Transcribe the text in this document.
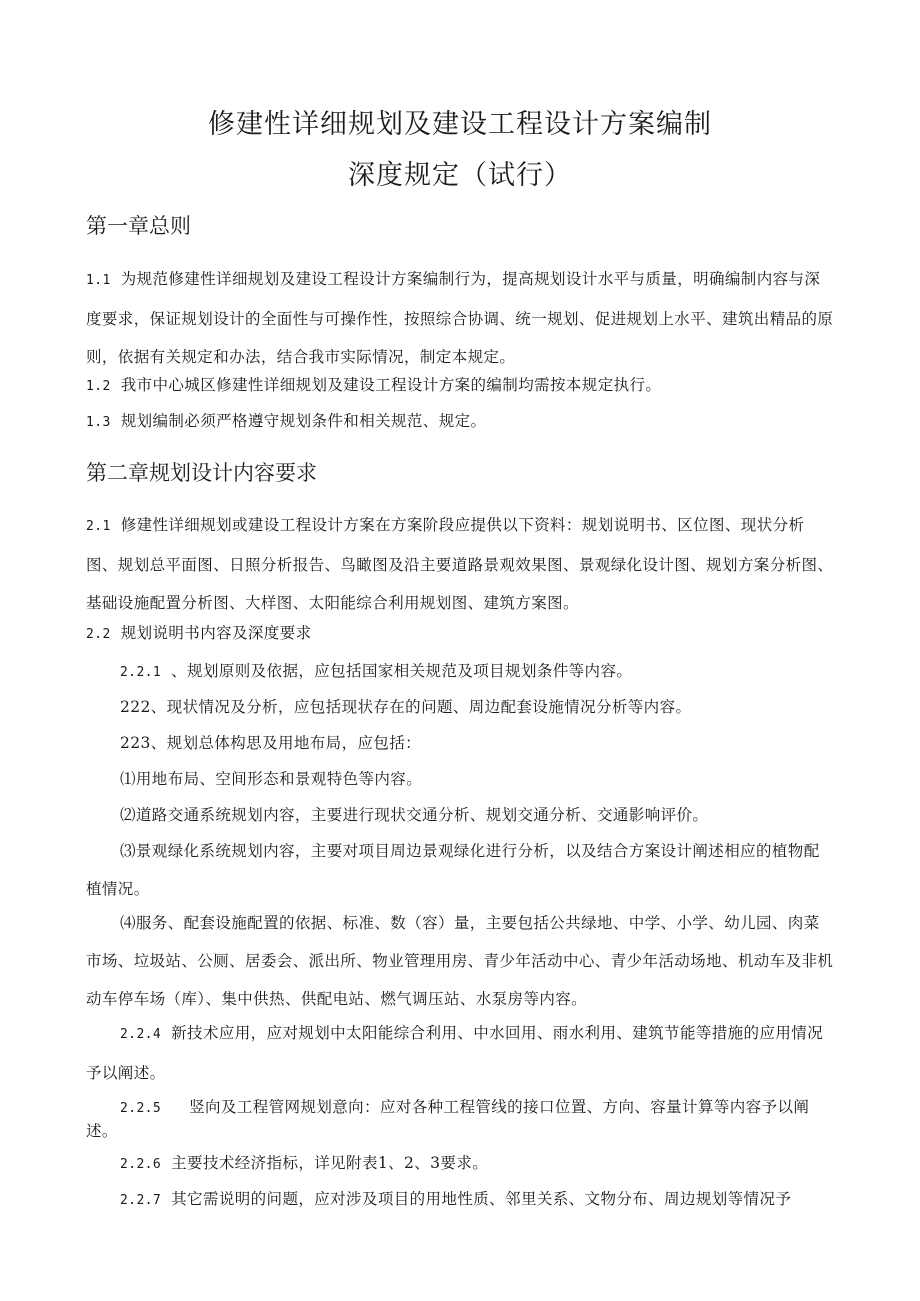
修建性详细规划及建设工程设计方案编制
深度规定（试行）
第一章总则

1.1 为规范修建性详细规划及建设工程设计方案编制行为，提高规划设计水平与质量，明确编制内容与深度要求，保证规划设计的全面性与可操作性，按照综合协调、统一规划、促进规划上水平、建筑出精品的原则，依据有关规定和办法，结合我市实际情况，制定本规定。

1.2 我市中心城区修建性详细规划及建设工程设计方案的编制均需按本规定执行。

1.3 规划编制必须严格遵守规划条件和相关规范、规定。

第二章规划设计内容要求

2.1 修建性详细规划或建设工程设计方案在方案阶段应提供以下资料：规划说明书、区位图、现状分析图、规划总平面图、日照分析报告、鸟瞰图及沿主要道路景观效果图、景观绿化设计图、规划方案分析图、基础设施配置分析图、大样图、太阳能综合利用规划图、建筑方案图。

2.2 规划说明书内容及深度要求

2.2.1 、规划原则及依据，应包括国家相关规范及项目规划条件等内容。

222、现状情况及分析，应包括现状存在的问题、周边配套设施情况分析等内容。

223、规划总体构思及用地布局，应包括：

⑴用地布局、空间形态和景观特色等内容。

⑵道路交通系统规划内容，主要进行现状交通分析、规划交通分析、交通影响评价。

⑶景观绿化系统规划内容，主要对项目周边景观绿化进行分析，以及结合方案设计阐述相应的植物配植情况。

⑷服务、配套设施配置的依据、标准、数（容）量，主要包括公共绿地、中学、小学、幼儿园、肉菜市场、垃圾站、公厕、居委会、派出所、物业管理用房、青少年活动中心、青少年活动场地、机动车及非机动车停车场（库）、集中供热、供配电站、燃气调压站、水泵房等内容。

2.2.4 新技术应用，应对规划中太阳能综合利用、中水回用、雨水利用、建筑节能等措施的应用情况予以阐述。

2.2.5 竖向及工程管网规划意向：应对各种工程管线的接口位置、方向、容量计算等内容予以阐述。

2.2.6 主要技术经济指标，详见附表1、2、3要求。

2.2.7 其它需说明的问题，应对涉及项目的用地性质、邻里关系、文物分布、周边规划等情况予
